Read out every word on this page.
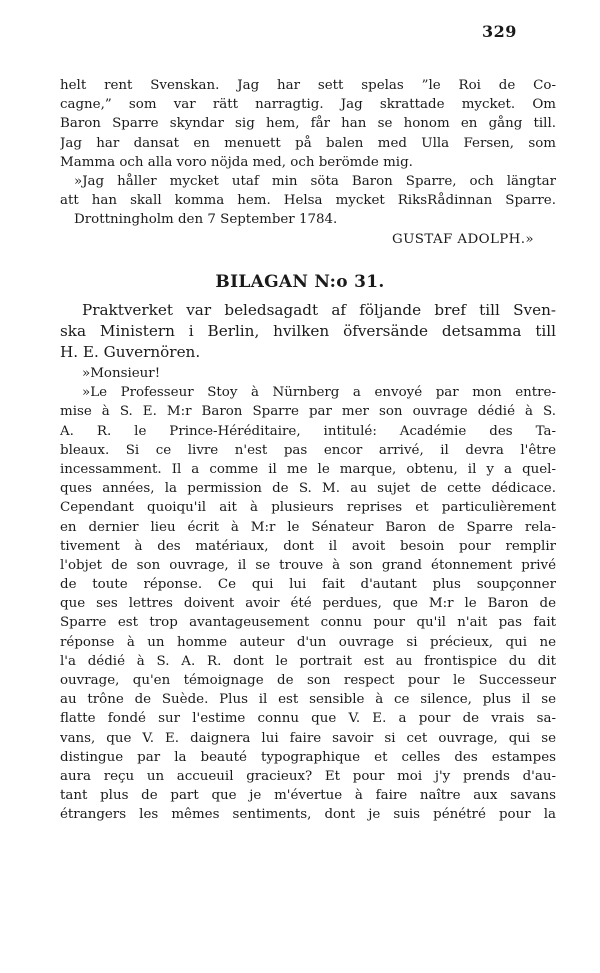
329
helt rent Svenskan. Jag har sett spelas ”le Roi de Co-
cagne,” som var rätt narragtig. Jag skrattade mycket. Om
Baron Sparre skyndar sig hem, får han se honom en gång till.
Jag har dansat en menuett på balen med Ulla Fersen, som
Mamma och alla voro nöjda med, och berömde mig.
»Jag håller mycket utaf min söta Baron Sparre, och längtar
att han skall komma hem. Helsa mycket RiksRådinnan Sparre.
Drottningholm den 7 September 1784.
GUSTAF ADOLPH.»
BILAGAN N:o 31.
Praktverket var beledsagadt af följande bref till Sven-
ska Ministern i Berlin, hvilken öfversände detsamma till
H. E. Guvernören.
»Monsieur!
»Le Professeur Stoy à Nürnberg a envoyé par mon entre-
mise à S. E. M:r Baron Sparre par mer son ouvrage dédié à S.
A. R. le Prince-Héréditaire, intitulé: Académie des Ta-
bleaux. Si ce livre n'est pas encor arrivé, il devra l'être
incessamment. Il a comme il me le marque, obtenu, il y a quel-
ques années, la permission de S. M. au sujet de cette dédicace.
Cependant quoiqu'il ait à plusieurs reprises et particulièrement
en dernier lieu écrit à M:r le Sénateur Baron de Sparre rela-
tivement à des matériaux, dont il avoit besoin pour remplir
l'objet de son ouvrage, il se trouve à son grand étonnement privé
de toute réponse. Ce qui lui fait d'autant plus soupçonner
que ses lettres doivent avoir été perdues, que M:r le Baron de
Sparre est trop avantageusement connu pour qu'il n'ait pas fait
réponse à un homme auteur d'un ouvrage si précieux, qui ne
l'a dédié à S. A. R. dont le portrait est au frontispice du dit
ouvrage, qu'en témoignage de son respect pour le Successeur
au trône de Suède. Plus il est sensible à ce silence, plus il se
flatte fondé sur l'estime connu que V. E. a pour de vrais sa-
vans, que V. E. daignera lui faire savoir si cet ouvrage, qui se
distingue par la beauté typographique et celles des estampes
aura reçu un accueuil gracieux? Et pour moi j'y prends d'au-
tant plus de part que je m'évertue à faire naître aux savans
étrangers les mêmes sentiments, dont je suis pénétré pour la
